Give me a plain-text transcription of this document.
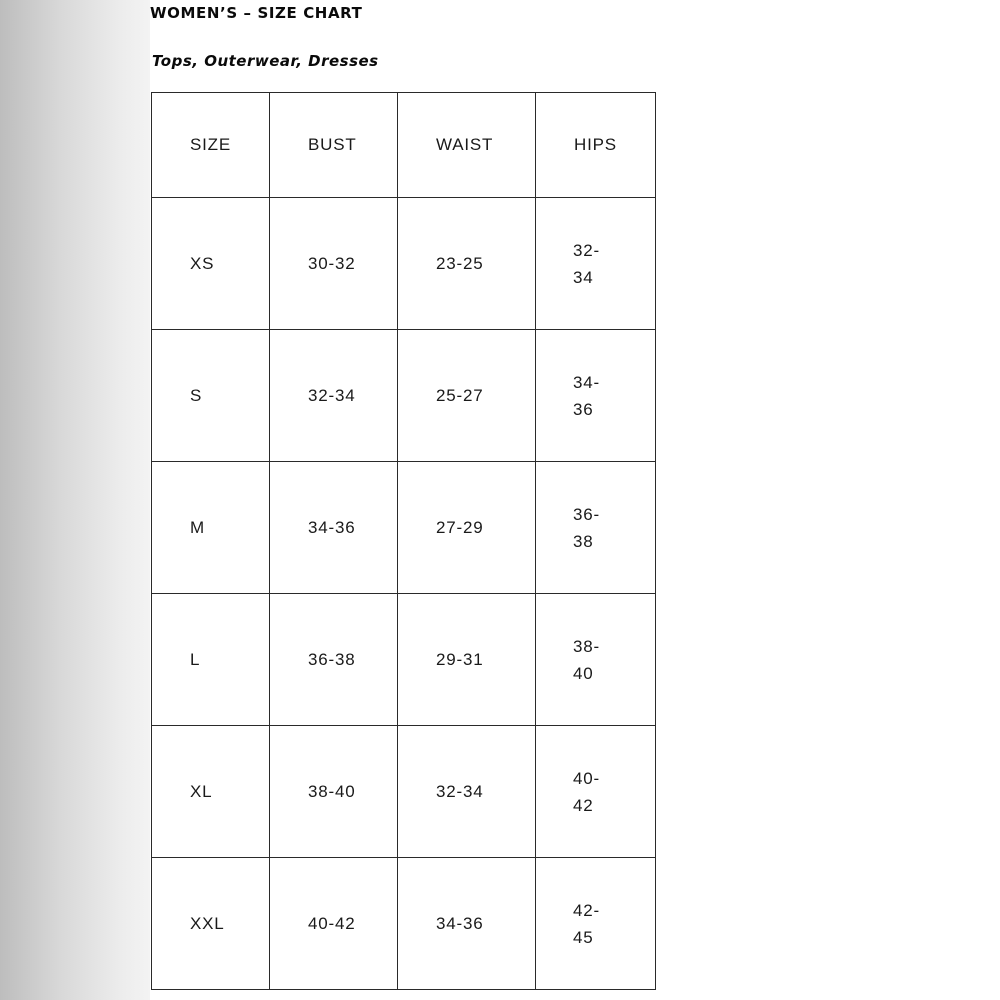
WOMEN’S – SIZE CHART
Tops, Outerwear, Dresses
SIZE	BUST	WAIST	HIPS

XS	30-32	23-25	32-
34

S	32-34	25-27	34-
36

M	34-36	27-29	36-
38

L	36-38	29-31	38-
40

XL	38-40	32-34	40-
42

XXL	40-42	34-36	42-
45
